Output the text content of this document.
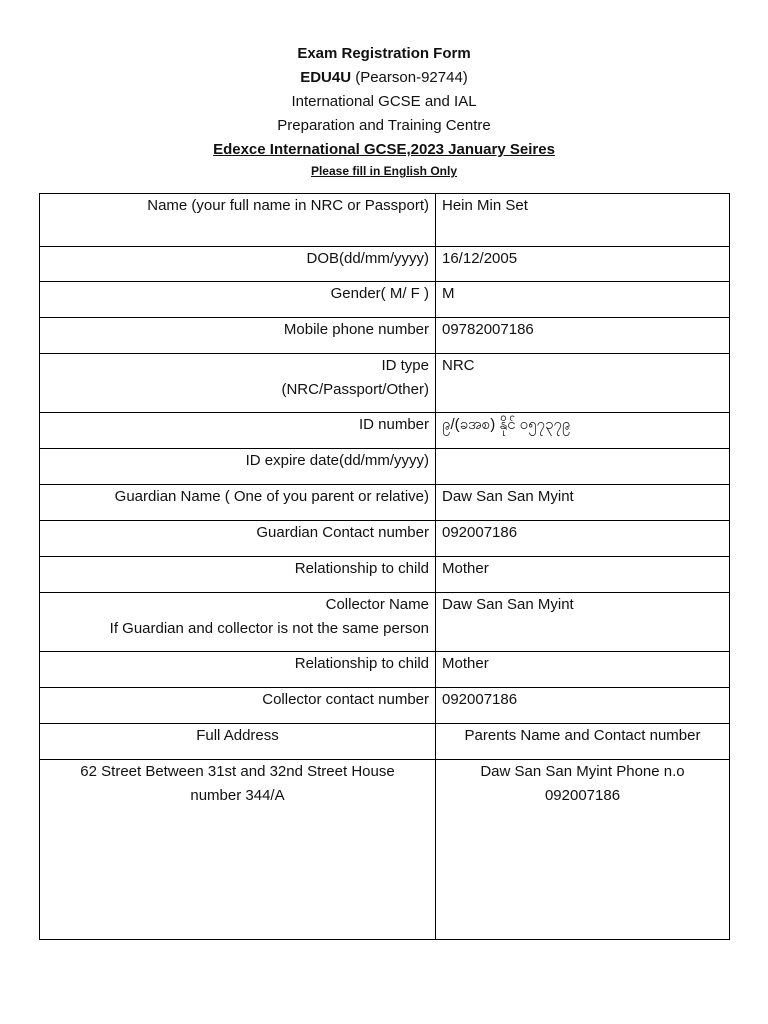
Exam Registration Form
EDU4U (Pearson-92744)
International GCSE and IAL
Preparation and Training Centre
Edexce International GCSE,2023 January Seires
Please fill in English Only
Name (your full name in NRC or Passport)	Hein Min Set
DOB(dd/mm/yyyy)	16/12/2005
Gender( M/ F )	M
Mobile phone number	09782007186

ID type
(NRC/Passport/Other)	NRC
ID number	၉/(ခအစ) နိုင် ၀၅၇၃၇၉
ID expire date(dd/mm/yyyy)	
Guardian Name ( One of you parent or relative)	Daw San San Myint
Guardian Contact number	092007186
Relationship to child	Mother

Collector Name
If Guardian and collector is not the same person	Daw San San Myint
Relationship to child	Mother
Collector contact number	092007186
Full Address	Parents Name and Contact number

62 Street Between 31st and 32nd Street House
number 344/A	Daw San San Myint Phone n.o
092007186
